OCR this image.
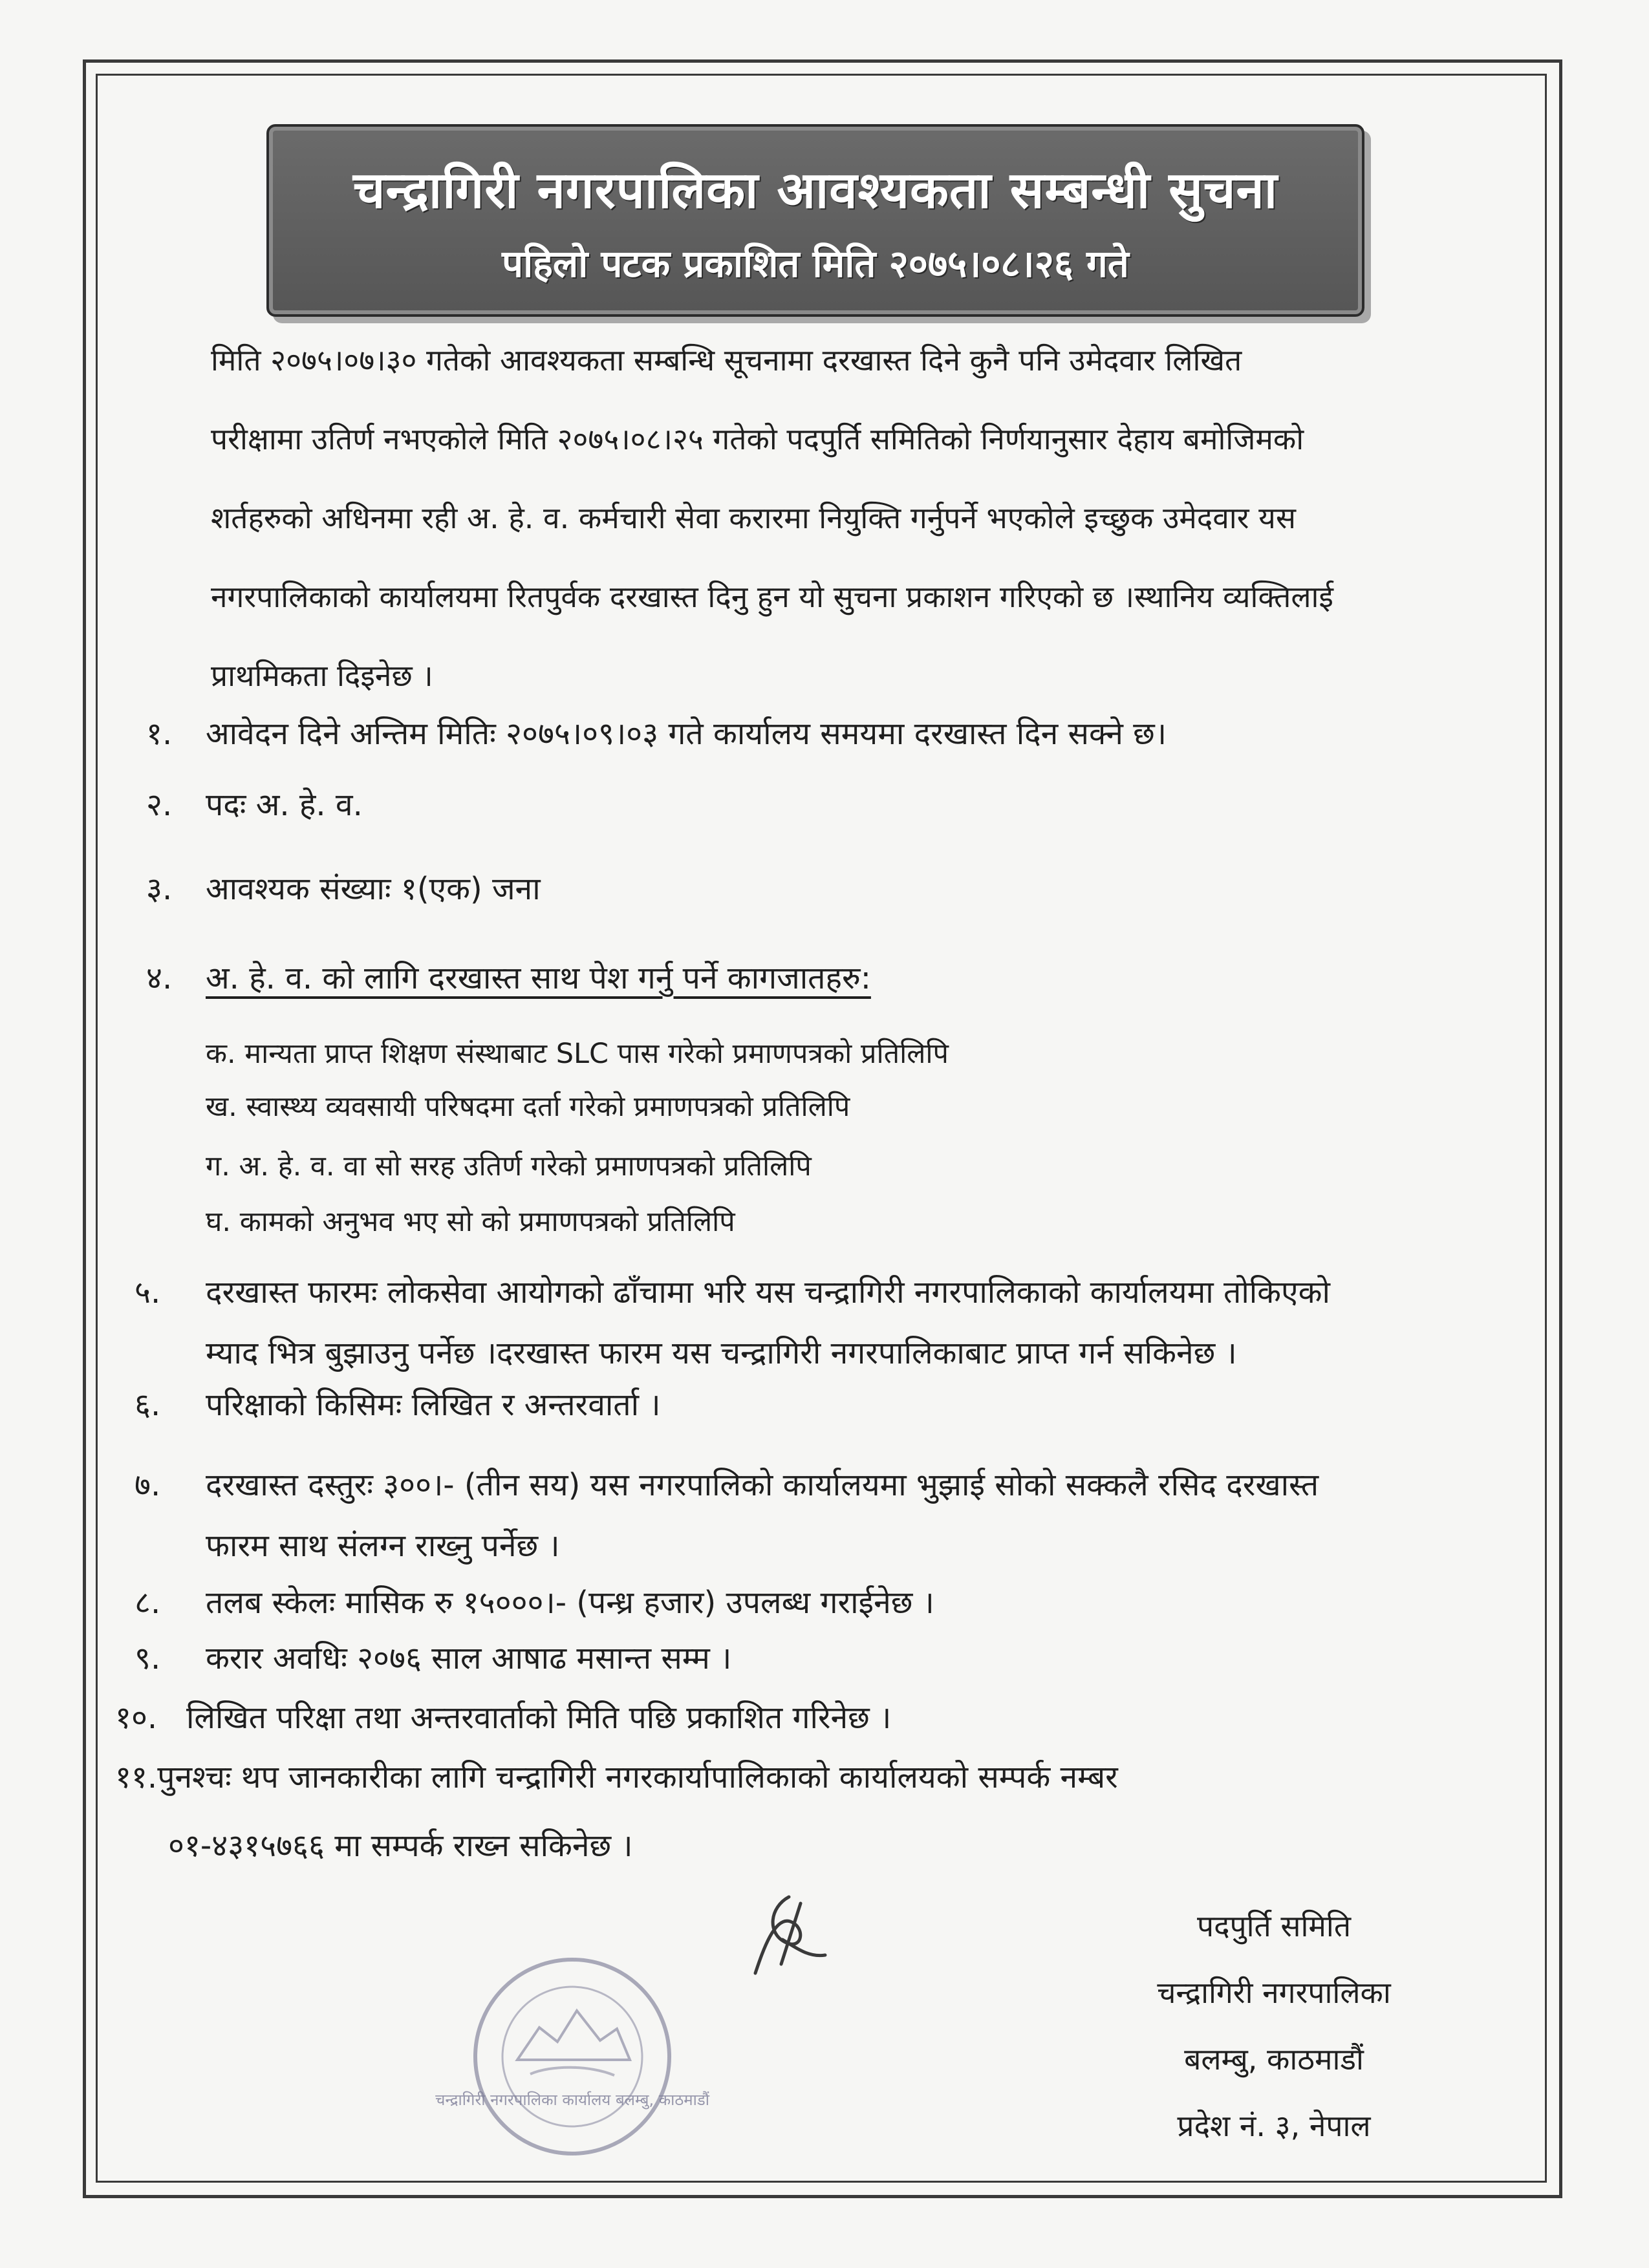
चन्द्रागिरी नगरपालिका आवश्यकता सम्बन्धी सुचना
पहिलो पटक प्रकाशित मिति २०७५।०८।२६ गते
मिति २०७५।०७।३० गतेको आवश्यकता सम्बन्धि सूचनामा दरखास्त दिने कुनै पनि उमेदवार लिखित
परीक्षामा उतिर्ण नभएकोले मिति २०७५।०८।२५ गतेको पदपुर्ति समितिको निर्णयानुसार देहाय बमोजिमको
शर्तहरुको अधिनमा रही अ. हे. व. कर्मचारी सेवा करारमा नियुक्ति गर्नुपर्ने भएकोले इच्छुक उमेदवार यस
नगरपालिकाको कार्यालयमा रितपुर्वक दरखास्त दिनु हुन यो सुचना प्रकाशन गरिएको छ ।स्थानिय व्यक्तिलाई
प्राथमिकता दिइनेछ ।
१. आवेदन दिने अन्तिम मितिः २०७५।०९।०३ गते कार्यालय समयमा दरखास्त दिन सक्ने छ।
२. पदः अ. हे. व.
३. आवश्यक संख्याः १(एक) जना
४. अ. हे. व. को लागि दरखास्त साथ पेश गर्नु पर्ने कागजातहरु:
क. मान्यता प्राप्त शिक्षण संस्थाबाट SLC पास गरेको प्रमाणपत्रको प्रतिलिपि
ख. स्वास्थ्य व्यवसायी परिषदमा दर्ता गरेको प्रमाणपत्रको प्रतिलिपि
ग. अ. हे. व. वा सो सरह उतिर्ण गरेको प्रमाणपत्रको प्रतिलिपि
घ. कामको अनुभव भए सो को प्रमाणपत्रको प्रतिलिपि
५. दरखास्त फारमः लोकसेवा आयोगको ढाँचामा भरि यस चन्द्रागिरी नगरपालिकाको कार्यालयमा तोकिएको
म्याद भित्र बुझाउनु पर्नेछ ।दरखास्त फारम यस चन्द्रागिरी नगरपालिकाबाट प्राप्त गर्न सकिनेछ ।
६. परिक्षाको किसिमः लिखित र अन्तरवार्ता ।
७. दरखास्त दस्तुरः ३००।- (तीन सय) यस नगरपालिको कार्यालयमा भुझाई सोको सक्कलै रसिद दरखास्त
फारम साथ संलग्न राख्नु पर्नेछ ।
८. तलब स्केलः मासिक रु १५०००।- (पन्ध्र हजार) उपलब्ध गराईनेछ ।
९. करार अवधिः २०७६ साल आषाढ मसान्त सम्म ।
१०. लिखित परिक्षा तथा अन्तरवार्ताको मिति पछि प्रकाशित गरिनेछ ।
११.पुनश्चः थप जानकारीका लागि चन्द्रागिरी नगरकार्यापालिकाको कार्यालयको सम्पर्क नम्बर
०१-४३१५७६६ मा सम्पर्क राख्न सकिनेछ ।
चन्द्रागिरी नगरपालिका कार्यालय बलम्बु, काठमाडौं
पदपुर्ति समिति
चन्द्रागिरी नगरपालिका
बलम्बु, काठमाडौं
प्रदेश नं. ३, नेपाल
